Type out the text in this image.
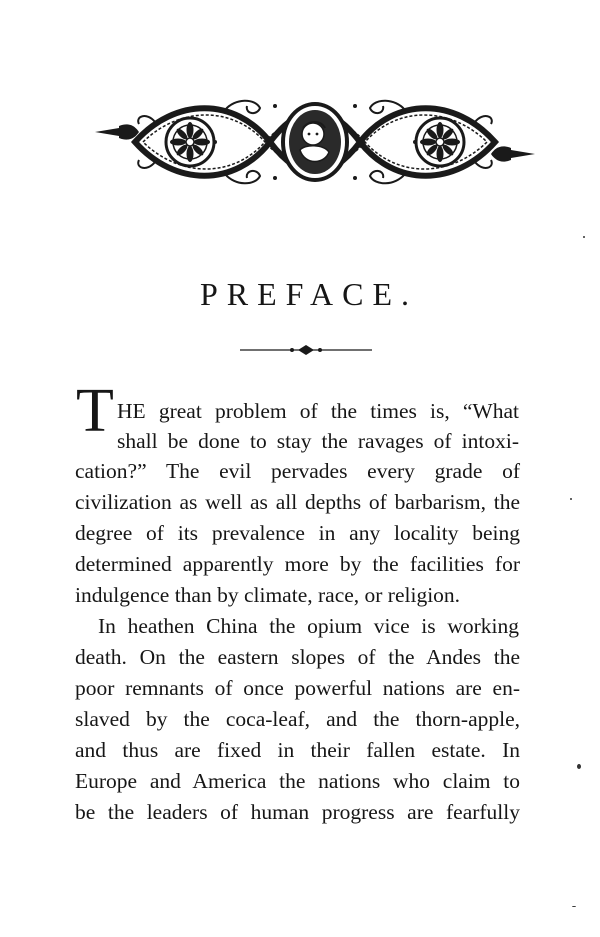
PREFACE.

T HE great problem of the times is, “What

shall be done to stay the ravages of intoxi-

cation?” The evil pervades every grade of

civilization as well as all depths of barbarism, the

degree of its prevalence in any locality being

determined apparently more by the facilities for

indulgence than by climate, race, or religion.

In heathen China the opium vice is working

death. On the eastern slopes of the Andes the

poor remnants of once powerful nations are en-

slaved by the coca-leaf, and the thorn-apple,

and thus are fixed in their fallen estate. In

Europe and America the nations who claim to

be the leaders of human progress are fearfully
